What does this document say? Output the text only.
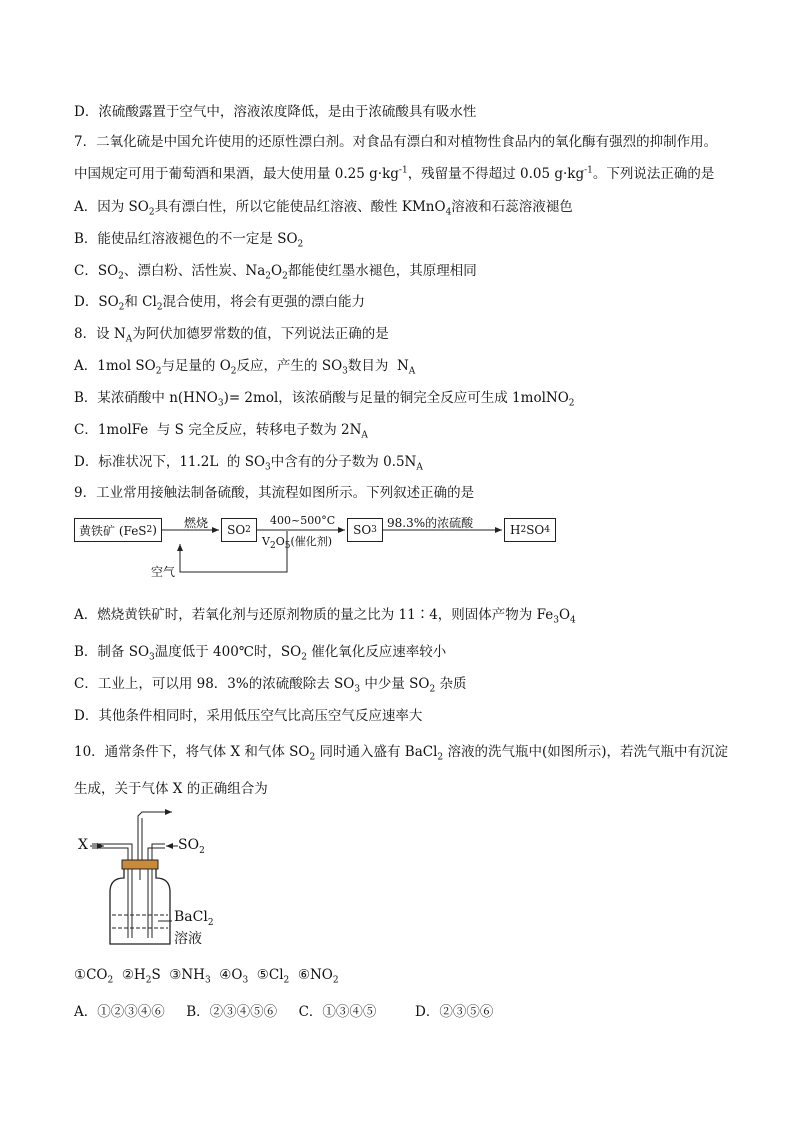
D．浓硫酸露置于空气中，溶液浓度降低，是由于浓硫酸具有吸水性
7．二氧化硫是中国允许使用的还原性漂白剂。对食品有漂白和对植物性食品内的氧化酶有强烈的抑制作用。
中国规定可用于葡萄酒和果酒，最大使用量 0.25 $g\cdot kg^{-1}$，残留量不得超过 0.05 $g\cdot kg^{-1}$。下列说法正确的是
A．因为 $SO_2$具有漂白性，所以它能使品红溶液、酸性 KMnO$_4$溶液和石蕊溶液褪色
B．能使品红溶液褪色的不一定是 $SO_2$
C．$SO_2$、漂白粉、活性炭、$Na_2O_2$都能使红墨水褪色，其原理相同
D．$SO_2$和 $Cl_2$混合使用，将会有更强的漂白能力
8．设 $N_A$为阿伏加德罗常数的值，下列说法正确的是
A．1mol $SO_2$与足量的 $O_2$反应，产生的 $SO_3$数目为  $N_A$
B．某浓硝酸中 $n(HNO_3)= 2mol$，该浓硝酸与足量的铜完全反应可生成 1molNO$_2$
C．1molFe  与 S 完全反应，转移电子数为 $2N_A$
D．标准状况下，11.2L  的 $SO_3$中含有的分子数为 $0.5N_A$
9．工业常用接触法制备硫酸，其流程如图所示。下列叙述正确的是
A．燃烧黄铁矿时，若氧化剂与还原剂物质的量之比为 11∶4，则固体产物为 $Fe_3O_4$
B．制备 $SO_3$温度低于 400℃时，$SO_2$ 催化氧化反应速率较小
C．工业上，可以用 98．3%的浓硫酸除去 $SO_3$ 中少量 $SO_2$ 杂质
D．其他条件相同时，采用低压空气比高压空气反应速率大
10．通常条件下，将气体 X 和气体 $SO_2$ 同时通入盛有 BaCl$_2$ 溶液的洗气瓶中(如图所示)，若洗气瓶中有沉淀
生成，关于气体 X 的正确组合为
$①CO_2$  $②H_2S$  $③NH_3$  $④O_3$  $⑤Cl_2$  $⑥NO_2$
A．①②③④⑥     B．②③④⑤⑥     C．①③④⑤         D．②③⑤⑥
黄铁矿 (FeS 2 )	SO 2	SO 3	H 2 SO 4
燃烧	400~500°C
$V_2O_5$(催化剂)
98.3%的浓硫酸
空气
X	$SO_2$
BaCl$_2$
溶液
